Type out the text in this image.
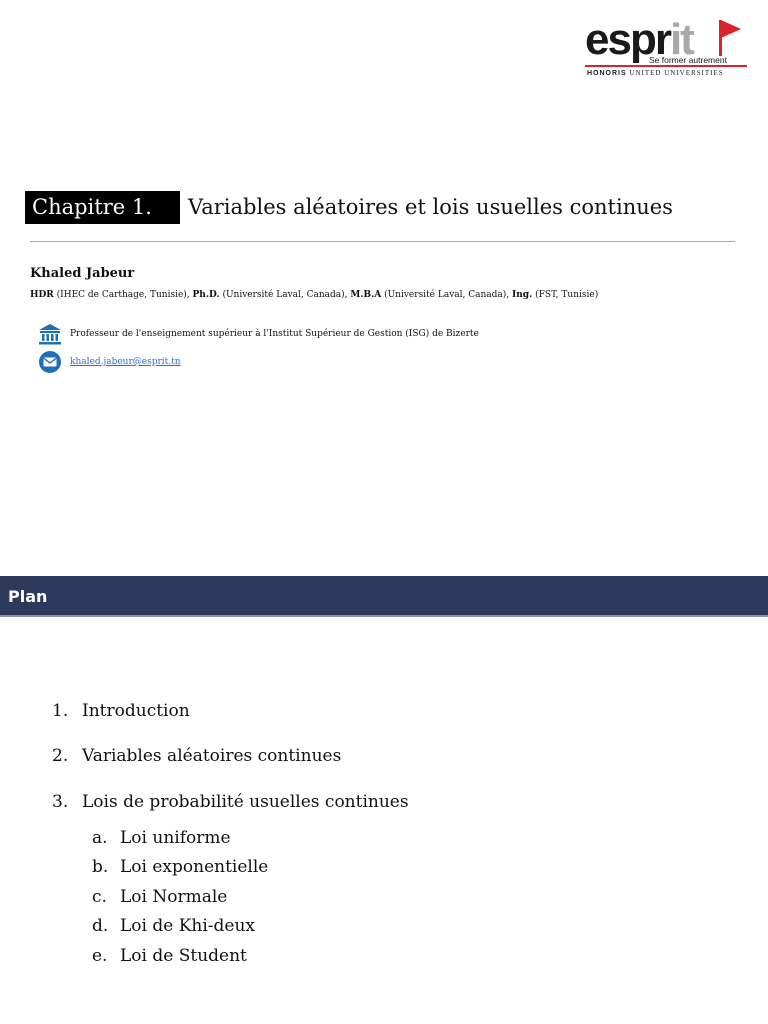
esprit
Se former autrement
HONORIS UNITED UNIVERSITIES
Chapitre 1.	Variables aléatoires et lois usuelles continues
Khaled Jabeur
HDR (IHEC de Carthage, Tunisie), Ph.D. (Université Laval, Canada), M.B.A (Université Laval, Canada), Ing. (FST, Tunisie)
Professeur de l'enseignement supérieur à l'Institut Supérieur de Gestion (ISG) de Bizerte
khaled.jabeur@esprit.tn
Plan
1. Introduction
2. Variables aléatoires continues
3. Lois de probabilité usuelles continues
a. Loi uniforme
b. Loi exponentielle
c. Loi Normale
d. Loi de Khi-deux
e. Loi de Student
